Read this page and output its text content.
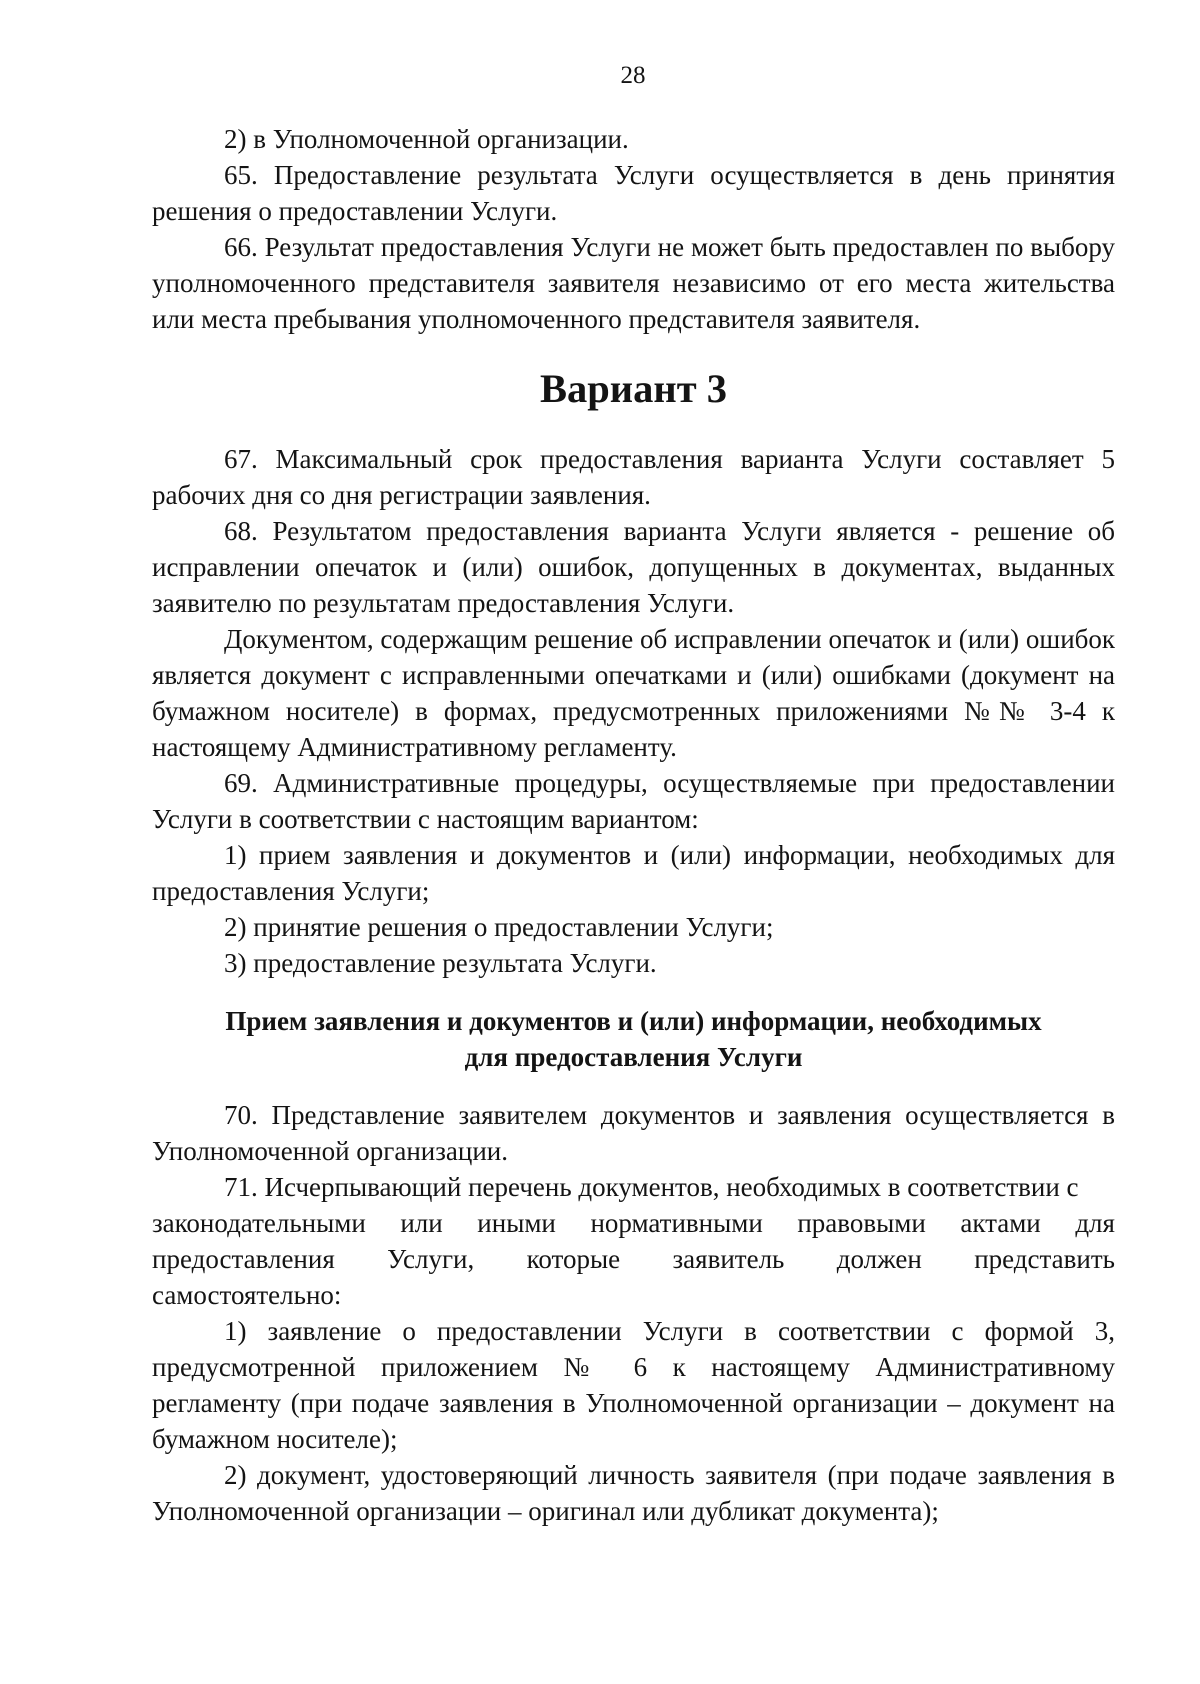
28

2) в Уполномоченной организации.

65. Предоставление результата Услуги осуществляется в день принятия решения о предоставлении Услуги.

66. Результат предоставления Услуги не может быть предоставлен по выбору уполномоченного представителя заявителя независимо от его места жительства или места пребывания уполномоченного представителя заявителя.

Вариант 3

67. Максимальный срок предоставления варианта Услуги составляет 5 рабочих дня со дня регистрации заявления.

68. Результатом предоставления варианта Услуги является - решение об исправлении опечаток и (или) ошибок, допущенных в документах, выданных заявителю по результатам предоставления Услуги.

Документом, содержащим решение об исправлении опечаток и (или) ошибок является документ с исправленными опечатками и (или) ошибками (документ на бумажном носителе) в формах, предусмотренных приложениями №№ 3-4 к настоящему Административному регламенту.

69. Административные процедуры, осуществляемые при предоставлении Услуги в соответствии с настоящим вариантом:

1) прием заявления и документов и (или) информации, необходимых для предоставления Услуги;

2) принятие решения о предоставлении Услуги;

3) предоставление результата Услуги.

Прием заявления и документов и (или) информации, необходимых
для предоставления Услуги

70. Представление заявителем документов и заявления осуществляется в Уполномоченной организации.

71. Исчерпывающий перечень документов, необходимых в соответствии с

законодательными или иными нормативными правовыми актами для
предоставления Услуги, которые заявитель должен представить

самостоятельно:

1) заявление о предоставлении Услуги в соответствии с формой 3, предусмотренной приложением № 6 к настоящему Административному регламенту (при подаче заявления в Уполномоченной организации – документ на бумажном носителе);

2) документ, удостоверяющий личность заявителя (при подаче заявления в Уполномоченной организации – оригинал или дубликат документа);
